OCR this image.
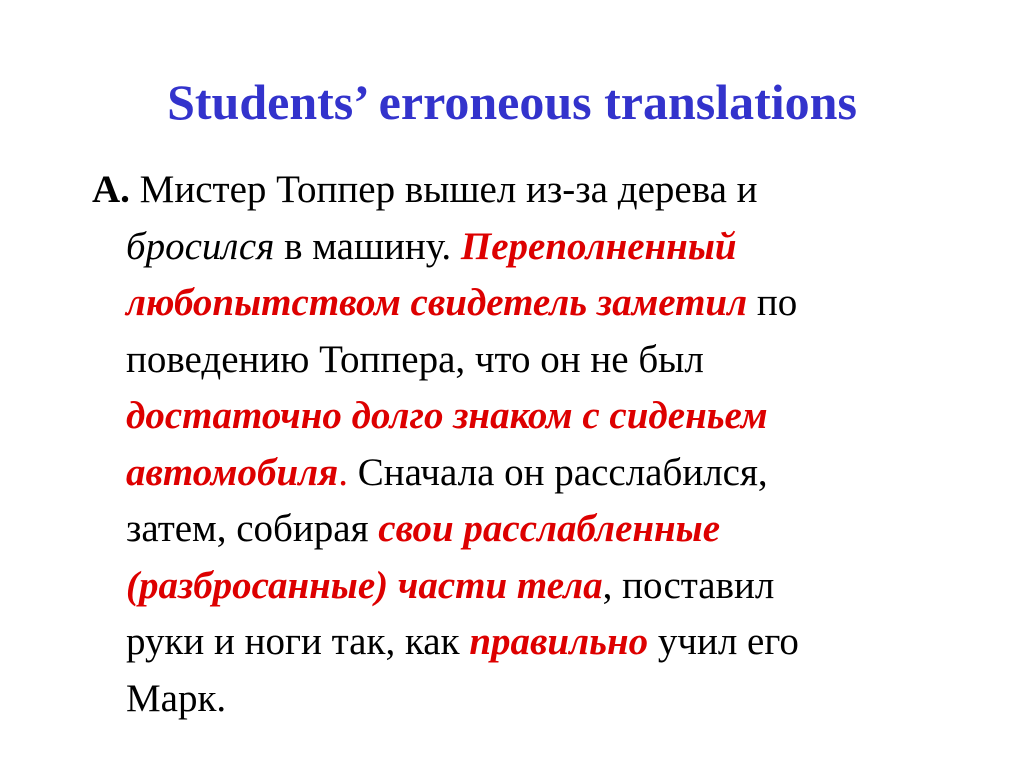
Students’ erroneous translations
A. Мистер Топпер вышел из-за дерева и
бросился в машину. Переполненный
любопытством свидетель заметил по
поведению Топпера, что он не был
достаточно долго знаком с сиденьем
автомобиля. Сначала он расслабился,
затем, собирая свои расслабленные
(разбросанные) части тела, поставил
руки и ноги так, как правильно учил его
Марк.
